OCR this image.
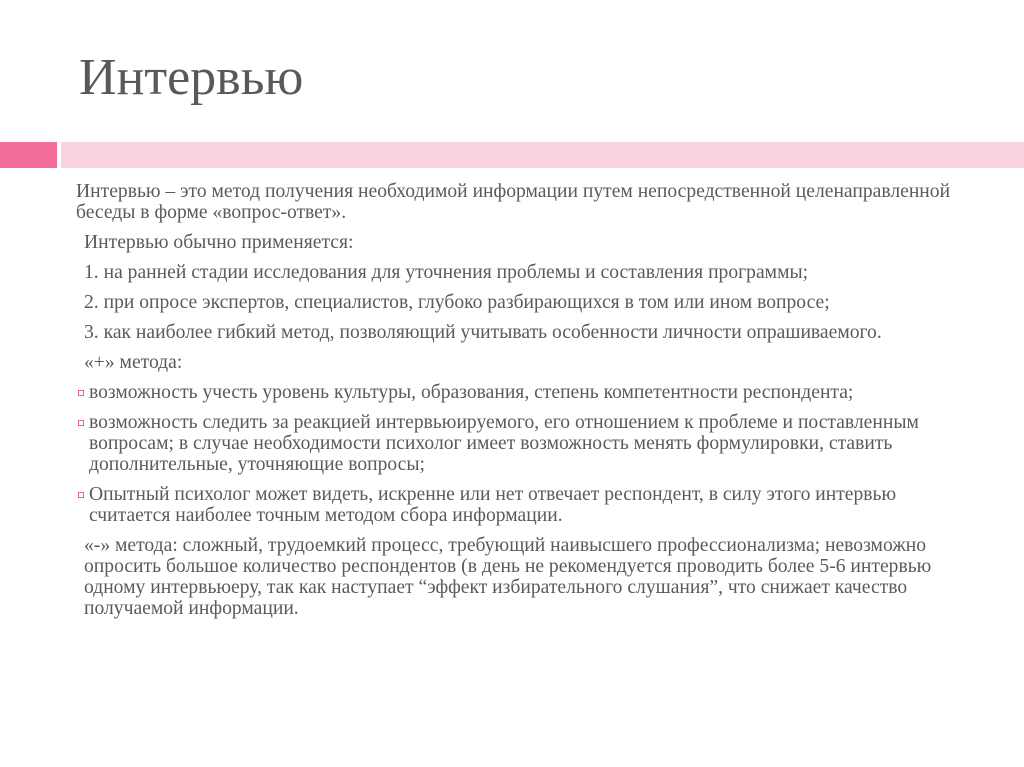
Интервью

Интервью – это метод получения необходимой информации путем непосредственной целенаправленной беседы в форме «вопрос-ответ».

Интервью обычно применяется:

1. на ранней стадии исследования для уточнения проблемы и составления программы;

2. при опросе экспертов, специалистов, глубоко разбирающихся в том или ином вопросе;

3. как наиболее гибкий метод, позволяющий учитывать особенности личности опрашиваемого.

«+» метода:

возможность учесть уровень культуры, образования, степень компетентности респондента;

возможность следить за реакцией интервьюируемого, его отношением к проблеме и поставленным вопросам; в случае необходимости психолог имеет возможность менять формулировки, ставить дополнительные, уточняющие вопросы;

Опытный психолог может видеть, искренне или нет отвечает респондент, в силу этого интервью считается наиболее точным методом сбора информации.

«-» метода: сложный, трудоемкий процесс, требующий наивысшего профессионализма; невозможно опросить большое количество респондентов (в день не рекомендуется проводить более 5-6 интервью одному интервьюеру, так как наступает “эффект избирательного слушания”, что снижает качество получаемой информации.
